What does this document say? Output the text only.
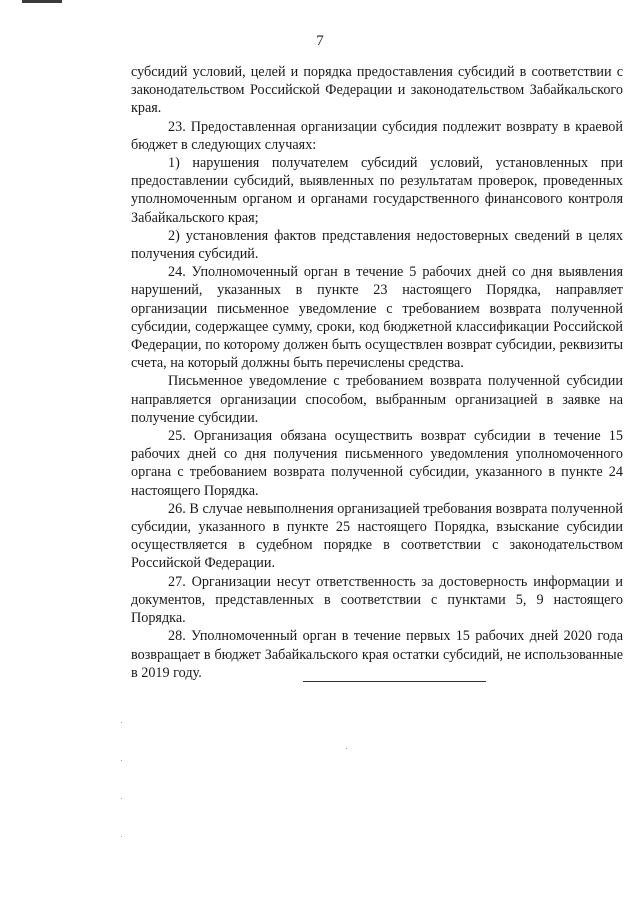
7

субсидий условий, целей и порядка предоставления субсидий в соответствии с законодательством Российской Федерации и законодательством Забайкальского края.

23. Предоставленная организации субсидия подлежит возврату в краевой бюджет в следующих случаях:

1) нарушения получателем субсидий условий, установленных при предоставлении субсидий, выявленных по результатам проверок, проведенных уполномоченным органом и органами государственного финансового контроля Забайкальского края;

2) установления фактов представления недостоверных сведений в целях получения субсидий.

24. Уполномоченный орган в течение 5 рабочих дней со дня выявления нарушений, указанных в пункте 23 настоящего Порядка, направляет организации письменное уведомление с требованием возврата полученной субсидии, содержащее сумму, сроки, код бюджетной классификации Российской Федерации, по которому должен быть осуществлен возврат субсидии, реквизиты счета, на который должны быть перечислены средства.

Письменное уведомление с требованием возврата полученной субсидии направляется организации способом, выбранным организацией в заявке на получение субсидии.

25. Организация обязана осуществить возврат субсидии в течение 15 рабочих дней со дня получения письменного уведомления уполномоченного органа с требованием возврата полученной субсидии, указанного в пункте 24 настоящего Порядка.

26. В случае невыполнения организацией требования возврата полученной субсидии, указанного в пункте 25 настоящего Порядка, взыскание субсидии осуществляется в судебном порядке в соответствии с законодательством Российской Федерации.

27. Организации несут ответственность за достоверность информации и документов, представленных в соответствии с пунктами 5, 9 настоящего Порядка.

28. Уполномоченный орган в течение первых 15 рабочих дней 2020 года возвращает в бюджет Забайкальского края остатки субсидий, не использованные в 2019 году.
